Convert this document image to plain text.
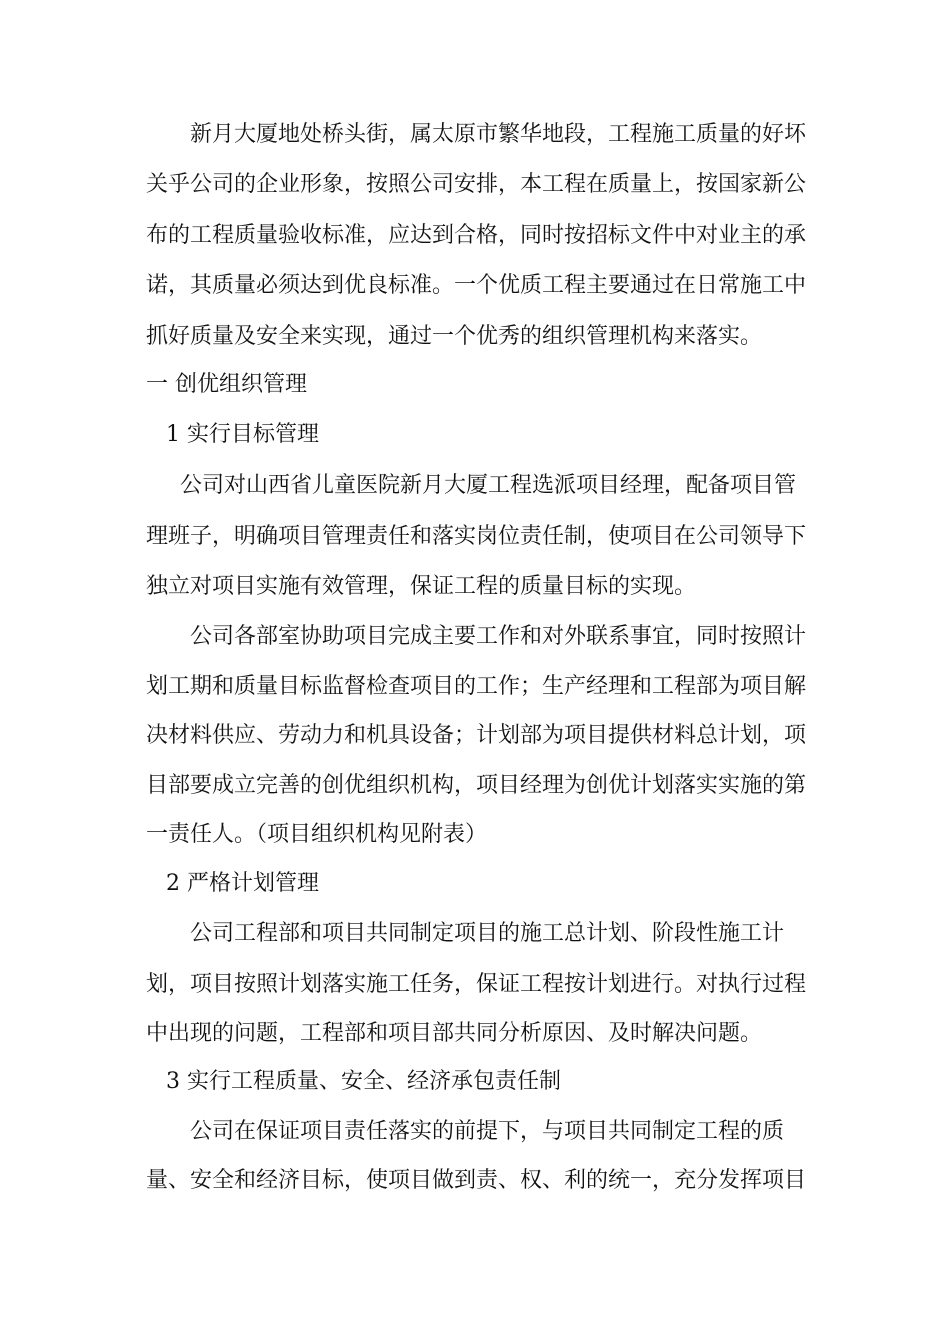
新月大厦地处桥头街，属太原市繁华地段，工程施工质量的好坏
关乎公司的企业形象，按照公司安排，本工程在质量上，按国家新公
布的工程质量验收标准，应达到合格，同时按招标文件中对业主的承
诺，其质量必须达到优良标准。一个优质工程主要通过在日常施工中
抓好质量及安全来实现，通过一个优秀的组织管理机构来落实。
一 创优组织管理
1 实行目标管理
公司对山西省儿童医院新月大厦工程选派项目经理，配备项目管
理班子，明确项目管理责任和落实岗位责任制，使项目在公司领导下
独立对项目实施有效管理，保证工程的质量目标的实现。
公司各部室协助项目完成主要工作和对外联系事宜，同时按照计
划工期和质量目标监督检查项目的工作；生产经理和工程部为项目解
决材料供应、劳动力和机具设备；计划部为项目提供材料总计划，项
目部要成立完善的创优组织机构，项目经理为创优计划落实实施的第
一责任人。（项目组织机构见附表）
2 严格计划管理
公司工程部和项目共同制定项目的施工总计划、阶段性施工计
划，项目按照计划落实施工任务，保证工程按计划进行。对执行过程
中出现的问题，工程部和项目部共同分析原因、及时解决问题。
3 实行工程质量、安全、经济承包责任制
公司在保证项目责任落实的前提下，与项目共同制定工程的质
量、安全和经济目标，使项目做到责、权、利的统一，充分发挥项目
